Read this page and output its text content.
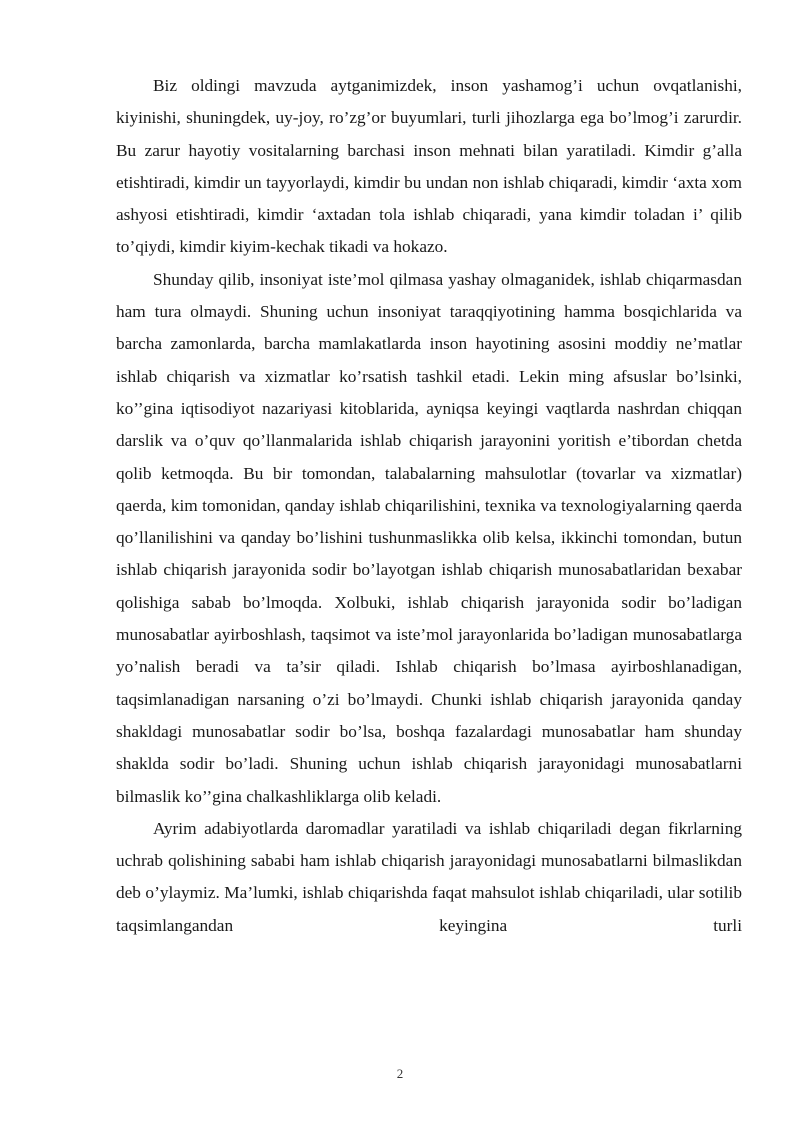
Biz oldingi mavzuda aytganimizdek, inson yashamog’i uchun ovqatlanishi, kiyinishi, shuningdek, uy-joy, ro’zg’or buyumlari, turli jihozlarga ega bo’lmog’i zarurdir. Bu zarur hayotiy vositalarning barchasi inson mehnati bilan yaratiladi. Kimdir g’alla etishtiradi, kimdir un tayyorlaydi, kimdir bu undan non ishlab chiqaradi, kimdir ‘axta xom ashyosi etishtiradi, kimdir ‘axtadan tola ishlab chiqaradi, yana kimdir toladan i’ qilib to’qiydi, kimdir kiyim-kechak tikadi va hokazo.

Shunday qilib, insoniyat iste’mol qilmasa yashay olmaganidek, ishlab chiqarmasdan ham tura olmaydi. Shuning uchun insoniyat taraqqiyotining hamma bosqichlarida va barcha zamonlarda, barcha mamlakatlarda inson hayotining asosini moddiy ne’matlar ishlab chiqarish va xizmatlar ko’rsatish tashkil etadi. Lekin ming afsuslar bo’lsinki, ko’’gina iqtisodiyot nazariyasi kitoblarida, ayniqsa keyingi vaqtlarda nashrdan chiqqan darslik va o’quv qo’llanmalarida ishlab chiqarish jarayonini yoritish e’tibordan chetda qolib ketmoqda. Bu bir tomondan, talabalarning mahsulotlar (tovarlar va xizmatlar) qaerda, kim tomonidan, qanday ishlab chiqarilishini, texnika va texnologiyalarning qaerda qo’llanilishini va qanday bo’lishini tushunmaslikka olib kelsa, ikkinchi tomondan, butun ishlab chiqarish jarayonida sodir bo’layotgan ishlab chiqarish munosabatlaridan bexabar qolishiga sabab bo’lmoqda. Xolbuki, ishlab chiqarish jarayonida sodir bo’ladigan munosabatlar ayirboshlash, taqsimot va iste’mol jarayonlarida bo’ladigan munosabatlarga yo’nalish beradi va ta’sir qiladi. Ishlab chiqarish bo’lmasa ayirboshlanadigan, taqsimlanadigan narsaning o’zi bo’lmaydi. Chunki ishlab chiqarish jarayonida qanday shakldagi munosabatlar sodir bo’lsa, boshqa fazalardagi munosabatlar ham shunday shaklda sodir bo’ladi. Shuning uchun ishlab chiqarish jarayonidagi munosabatlarni bilmaslik ko’’gina chalkashliklarga olib keladi.

Ayrim adabiyotlarda daromadlar yaratiladi va ishlab chiqariladi degan fikrlarning uchrab qolishining sababi ham ishlab chiqarish jarayonidagi munosabatlarni bilmaslikdan deb o’ylaymiz. Ma’lumki, ishlab chiqarishda faqat mahsulot ishlab chiqariladi, ular sotilib taqsimlangandan keyingina turli

2
